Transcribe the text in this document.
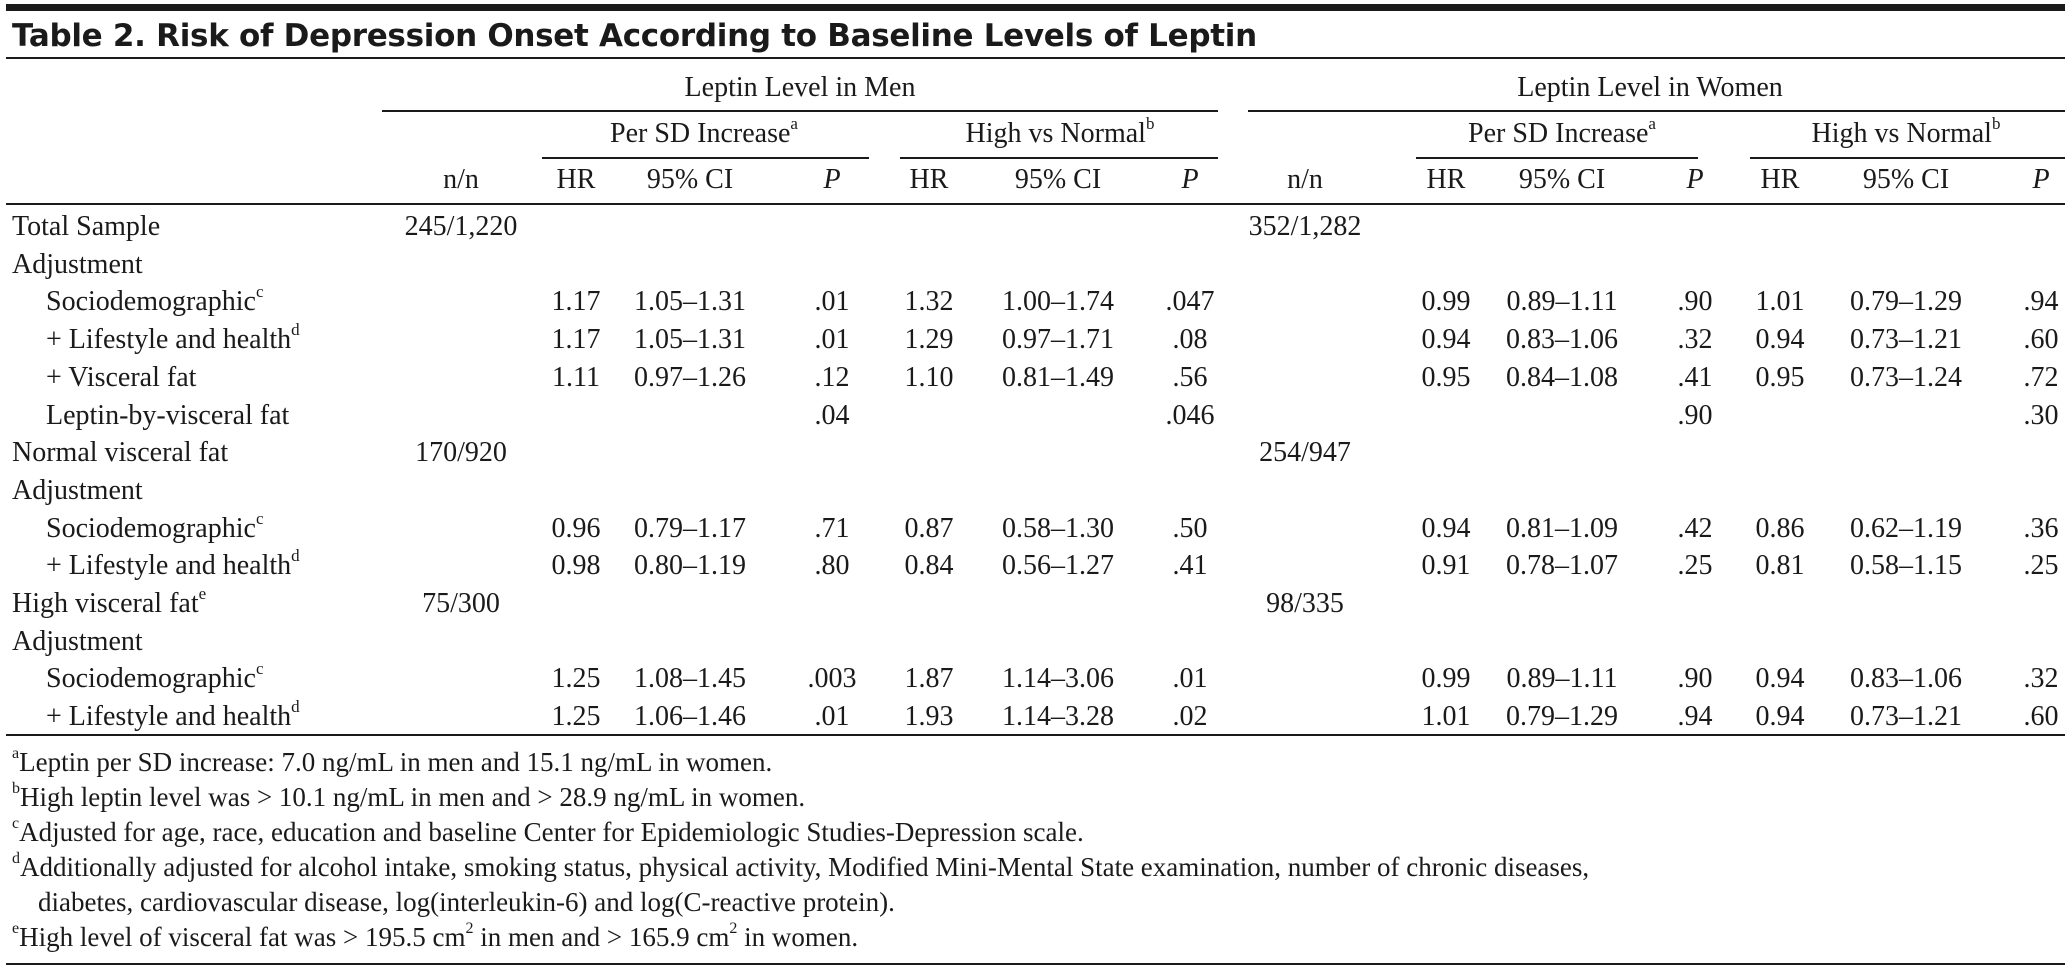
Table 2. Risk of Depression Onset According to Baseline Levels of Leptin
Leptin Level in Men	Leptin Level in Women
Per SD Increase$^a$	High vs Normal$^b$	Per SD Increase$^a$	High vs Normal$^b$
n/n	n/n
HR 95% CI	P HR 95% CI	P	HR 95% CI	P HR 95% CI	P
Total Sample	245/1,220	352/1,282
Adjustment
Sociodemographic$^c$	1.17 1.05–1.31 .01 1.32 1.00–1.74 .047	0.99 0.89–1.11 .90 1.01 0.79–1.29 .94
+ Lifestyle and health$^d$	1.17 1.05–1.31 .01 1.29 0.97–1.71 .08	0.94 0.83–1.06 .32 0.94 0.73–1.21 .60
+ Visceral fat	1.11 0.97–1.26 .12 1.10 0.81–1.49 .56	0.95 0.84–1.08 .41 0.95 0.73–1.24 .72
Leptin-by-visceral fat	.04	.046	.90	.30
Normal visceral fat	170/920	254/947
Adjustment
Sociodemographic$^c$	0.96 0.79–1.17 .71 0.87 0.58–1.30 .50	0.94 0.81–1.09 .42 0.86 0.62–1.19 .36
+ Lifestyle and health$^d$	0.98 0.80–1.19 .80 0.84 0.56–1.27 .41	0.91 0.78–1.07 .25 0.81 0.58–1.15 .25
High visceral fat$^e$	75/300	98/335
Adjustment
Sociodemographic$^c$	1.25 1.08–1.45 .003 1.87 1.14–3.06 .01	0.99 0.89–1.11 .90 0.94 0.83–1.06 .32
+ Lifestyle and health$^d$	1.25 1.06–1.46 .01 1.93 1.14–3.28 .02	1.01 0.79–1.29 .94 0.94 0.73–1.21 .60
$^a$Leptin per SD increase: 7.0 ng/mL in men and 15.1 ng/mL in women.
$^b$High leptin level was > 10.1 ng/mL in men and > 28.9 ng/mL in women.
$^c$Adjusted for age, race, education and baseline Center for Epidemiologic Studies-Depression scale.
$^d$Additionally adjusted for alcohol intake, smoking status, physical activity, Modified Mini-Mental State examination, number of chronic diseases,
diabetes, cardiovascular disease, log(interleukin-6) and log(C-reactive protein).
$^e$High level of visceral fat was > 195.5 $cm^2$ in men and > 165.9 $cm^2$ in women.
